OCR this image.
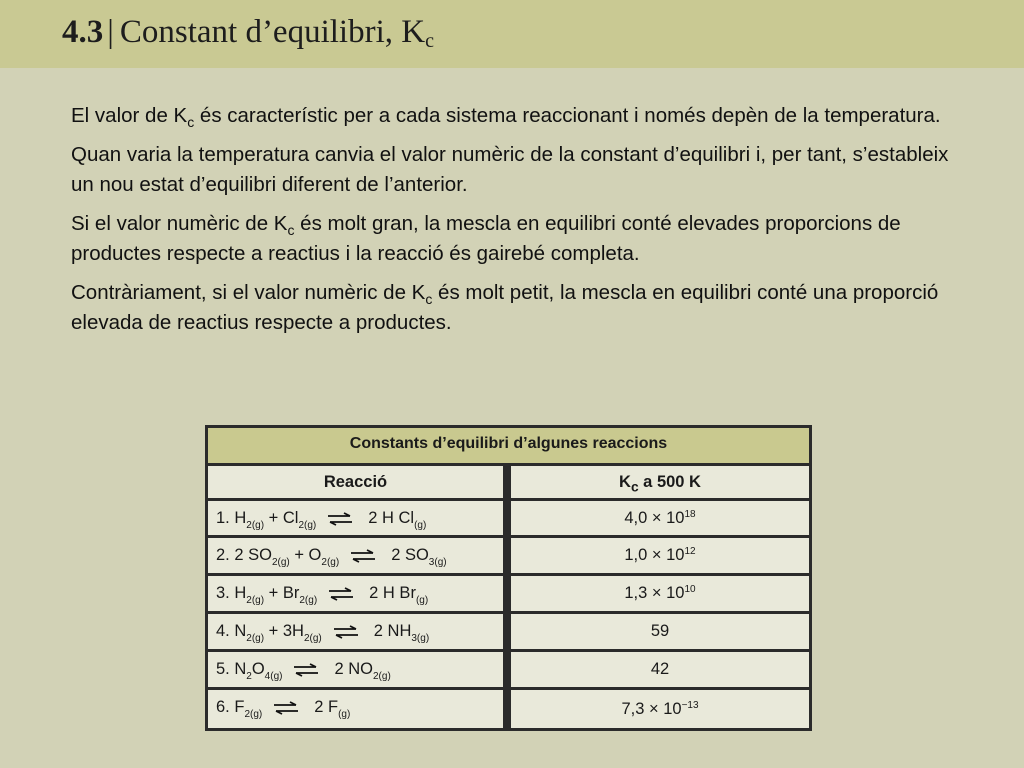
4.3 | Constant d’equilibri, $K_c$

El valor de $K_c$ és característic per a cada sistema reaccionant i només depèn de la temperatura.

Quan varia la temperatura canvia el valor numèric de la constant d’equilibri i, per tant, s’estableix un nou estat d’equilibri diferent de l’anterior.

Si el valor numèric de $K_c$ és molt gran, la mescla en equilibri conté elevades proporcions de productes respecte a reactius i la reacció és gairebé completa.

Contràriament, si el valor numèric de $K_c$ és molt petit, la mescla en equilibri conté una proporció elevada de reactius respecte a productes.

Constants d’equilibri d’algunes reaccions
Reacció	$K_c$ a 500 K
1. $H_{2(g)} + Cl_{2(g)}$ ⇌ 2 H $Cl_{(g)}$	$4,0 \times 10^{18}$
2. 2 $SO_{2(g)} + O_{2(g)}$ ⇌ 2 $SO_{3(g)}$	$1,0 \times 10^{12}$
3. $H_{2(g)} + Br_{2(g)}$ ⇌ 2 H $Br_{(g)}$	$1,3 \times 10^{10}$
4. $N_{2(g)} + 3H_{2(g)}$ ⇌ 2 $NH_{3(g)}$	59
5. $N_2O_{4(g)}$ ⇌ 2 $NO_{2(g)}$	42
6. $F_{2(g)}$ ⇌ 2 $F_{(g)}$	$7,3 \times 10^{-13}$
